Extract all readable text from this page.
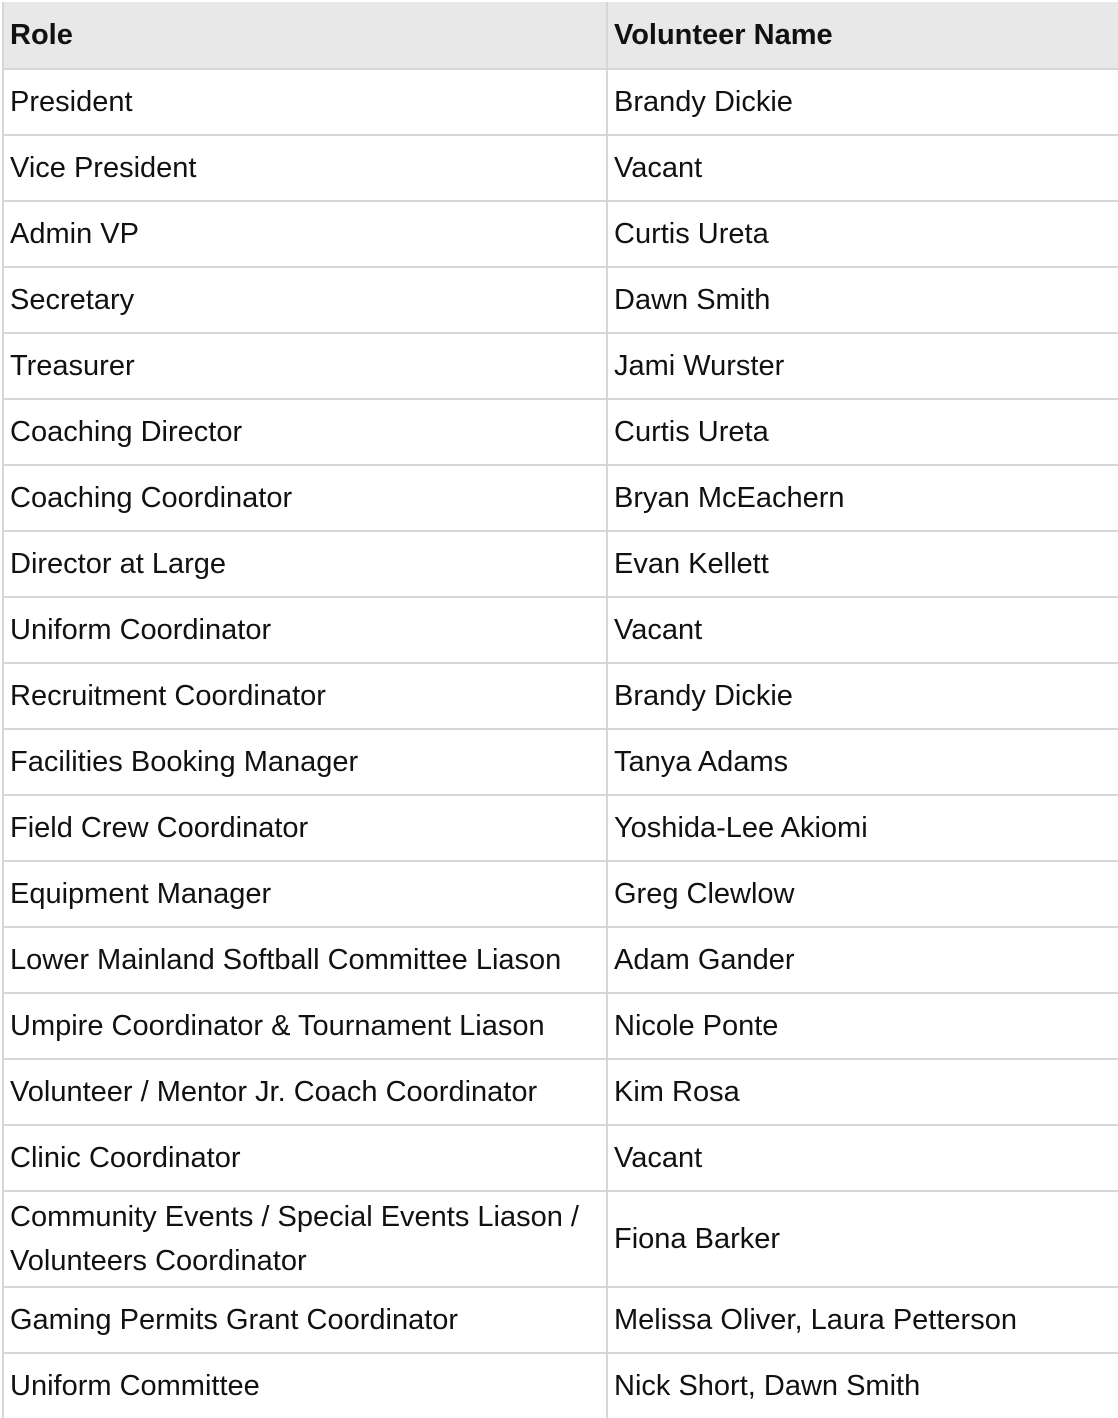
Role	Volunteer Name
President	Brandy Dickie
Vice President	Vacant
Admin VP	Curtis Ureta
Secretary	Dawn Smith
Treasurer	Jami Wurster
Coaching Director	Curtis Ureta
Coaching Coordinator	Bryan McEachern
Director at Large	Evan Kellett
Uniform Coordinator	Vacant
Recruitment Coordinator	Brandy Dickie
Facilities Booking Manager	Tanya Adams
Field Crew Coordinator	Yoshida-Lee Akiomi
Equipment Manager	Greg Clewlow
Lower Mainland Softball Committee Liason	Adam Gander
Umpire Coordinator & Tournament Liason	Nicole Ponte
Volunteer / Mentor Jr. Coach Coordinator	Kim Rosa
Clinic Coordinator	Vacant
Community Events / Special Events Liason / Volunteers Coordinator	Fiona Barker
Gaming Permits Grant Coordinator	Melissa Oliver, Laura Petterson
Uniform Committee	Nick Short, Dawn Smith
